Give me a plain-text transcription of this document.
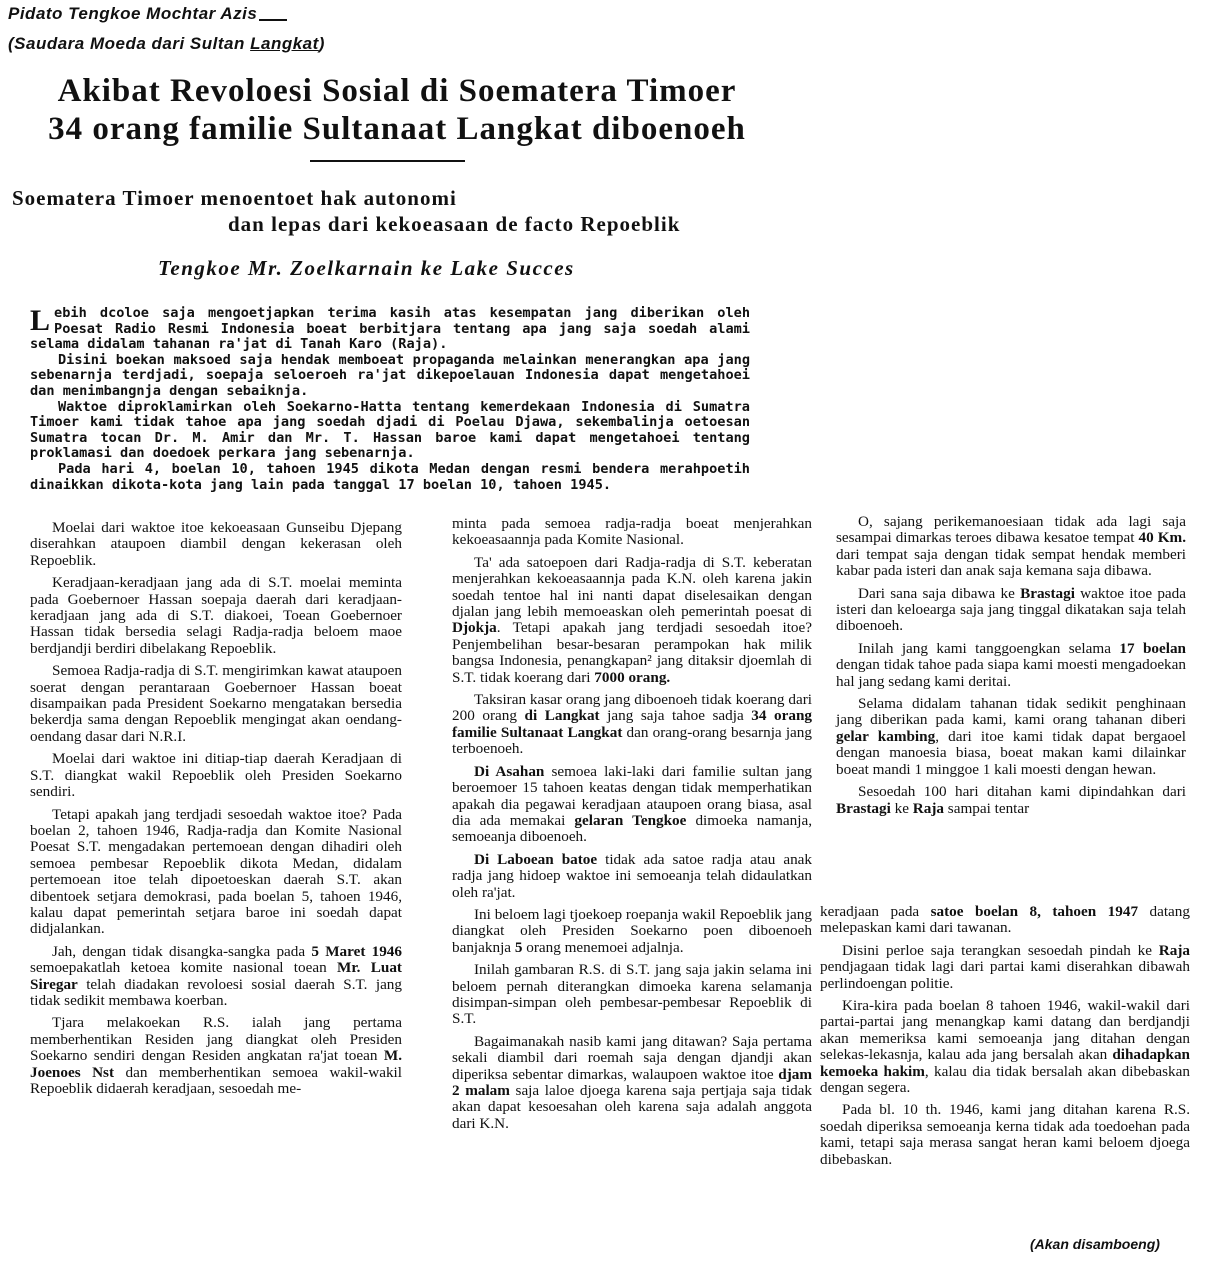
Pidato Tengkoe Mochtar Azis
(Saudara Moeda dari Sultan Langkat)
Akibat Revoloesi Sosial di Soematera Timoer
34 orang familie Sultanaat Langkat diboenoeh
Soematera Timoer menoentoet hak autonomi
dan lepas dari kekoeasaan de facto Repoeblik
Tengkoe Mr. Zoelkarnain ke Lake Succes

Lebih dcoloe saja mengoetjapkan terima kasih atas kesempatan jang diberikan oleh Poesat Radio Resmi Indonesia boeat berbitjara tentang apa jang saja soedah alami selama didalam tahanan ra'jat di Tanah Karo (Raja).

Disini boekan maksoed saja hendak memboeat propaganda melainkan menerangkan apa jang sebenarnja terdjadi, soepaja seloeroeh ra'jat dikepoelauan Indonesia dapat mengetahoei dan menimbangnja dengan sebaiknja.

Waktoe diproklamirkan oleh Soekarno-Hatta tentang kemerdekaan Indonesia di Sumatra Timoer kami tidak tahoe apa jang soedah djadi di Poelau Djawa, sekembalinja oetoesan Sumatra tocan Dr. M. Amir dan Mr. T. Hassan baroe kami dapat mengetahoei tentang proklamasi dan doedoek perkara jang sebenarnja.

Pada hari 4, boelan 10, tahoen 1945 dikota Medan dengan resmi bendera merahpoetih dinaikkan dikota-kota jang lain pada tanggal 17 boelan 10, tahoen 1945.

Moelai dari waktoe itoe kekoeasaan Gunseibu Djepang diserahkan ataupoen diambil dengan kekerasan oleh Repoeblik.

Keradjaan-keradjaan jang ada di S.T. moelai meminta pada Goebernoer Hassan soepaja daerah dari keradjaan-keradjaan jang ada di S.T. diakoei, Toean Goebernoer Hassan tidak bersedia selagi Radja-radja beloem maoe berdjandji berdiri dibelakang Repoeblik.

Semoea Radja-radja di S.T. mengirimkan kawat ataupoen soerat dengan perantaraan Goebernoer Hassan boeat disampaikan pada President Soekarno mengatakan bersedia bekerdja sama dengan Repoeblik mengingat akan oendang-oendang dasar dari N.R.I.

Moelai dari waktoe ini ditiap-tiap daerah Keradjaan di S.T. diangkat wakil Repoeblik oleh Presiden Soekarno sendiri.

Tetapi apakah jang terdjadi sesoedah waktoe itoe? Pada boelan 2, tahoen 1946, Radja-radja dan Komite Nasional Poesat S.T. mengadakan pertemoean dengan dihadiri oleh semoea pembesar Repoeblik dikota Medan, didalam pertemoean itoe telah dipoetoeskan daerah S.T. akan dibentoek setjara demokrasi, pada boelan 5, tahoen 1946, kalau dapat pemerintah setjara baroe ini soedah dapat didjalankan.

Jah, dengan tidak disangka-sangka pada 5 Maret 1946 semoepakatlah ketoea komite nasional toean Mr. Luat Siregar telah diadakan revoloesi sosial daerah S.T. jang tidak sedikit membawa koerban.

Tjara melakoekan R.S. ialah jang pertama memberhentikan Residen jang diangkat oleh Presiden Soekarno sendiri dengan Residen angkatan ra'jat toean M. Joenoes Nst dan memberhentikan semoea wakil-wakil Repoeblik didaerah keradjaan, sesoedah me-

minta pada semoea radja-radja boeat menjerahkan kekoeasaannja pada Komite Nasional.

Ta' ada satoepoen dari Radja-radja di S.T. keberatan menjerahkan kekoeasaannja pada K.N. oleh karena jakin soedah tentoe hal ini nanti dapat diselesaikan dengan djalan jang lebih memoeaskan oleh pemerintah poesat di Djokja. Tetapi apakah jang terdjadi sesoedah itoe? Penjembelihan besar-besaran perampokan hak milik bangsa Indonesia, penangkapan² jang ditaksir djoemlah di S.T. tidak koerang dari 7000 orang.

Taksiran kasar orang jang diboenoeh tidak koerang dari 200 orang di Langkat jang saja tahoe sadja 34 orang familie Sultanaat Langkat dan orang-orang besarnja jang terboenoeh.

Di Asahan semoea laki-laki dari familie sultan jang beroemoer 15 tahoen keatas dengan tidak memperhatikan apakah dia pegawai keradjaan ataupoen orang biasa, asal dia ada memakai gelaran Tengkoe dimoeka namanja, semoeanja diboenoeh.

Di Laboean batoe tidak ada satoe radja atau anak radja jang hidoep waktoe ini semoeanja telah didaulatkan oleh ra'jat.

Ini beloem lagi tjoekoep roepanja wakil Repoeblik jang diangkat oleh Presiden Soekarno poen diboenoeh banjaknja 5 orang menemoei adjalnja.

Inilah gambaran R.S. di S.T. jang saja jakin selama ini beloem pernah diterangkan dimoeka karena selamanja disimpan-simpan oleh pembesar-pembesar Repoeblik di S.T.

Bagaimanakah nasib kami jang ditawan? Saja pertama sekali diambil dari roemah saja dengan djandji akan diperiksa sebentar dimarkas, walaupoen waktoe itoe djam 2 malam saja laloe djoega karena saja pertjaja saja tidak akan dapat kesoesahan oleh karena saja adalah anggota dari K.N.

O, sajang perikemanoesiaan tidak ada lagi saja sesampai dimarkas teroes dibawa kesatoe tempat 40 Km. dari tempat saja dengan tidak sempat hendak memberi kabar pada isteri dan anak saja kemana saja dibawa.

Dari sana saja dibawa ke Brastagi waktoe itoe pada isteri dan keloearga saja jang tinggal dikatakan saja telah diboenoeh.

Inilah jang kami tanggoengkan selama 17 boelan dengan tidak tahoe pada siapa kami moesti mengadoekan hal jang sedang kami deritai.

Selama didalam tahanan tidak sedikit penghinaan jang diberikan pada kami, kami orang tahanan diberi gelar kambing, dari itoe kami tidak dapat bergaoel dengan manoesia biasa, boeat makan kami dilainkar boeat mandi 1 minggoe 1 kali moesti dengan hewan.

Sesoedah 100 hari ditahan kami dipindahkan dari Brastagi ke Raja sampai tentar

keradjaan pada satoe boelan 8, tahoen 1947 datang melepaskan kami dari tawanan.

Disini perloe saja terangkan sesoedah pindah ke Raja pendjagaan tidak lagi dari partai kami diserahkan dibawah perlindoengan politie.

Kira-kira pada boelan 8 tahoen 1946, wakil-wakil dari partai-partai jang menangkap kami datang dan berdjandji akan memeriksa kami semoeanja jang ditahan dengan selekas-lekasnja, kalau ada jang bersalah akan dihadapkan kemoeka hakim, kalau dia tidak bersalah akan dibebaskan dengan segera.

Pada bl. 10 th. 1946, kami jang ditahan karena R.S. soedah diperiksa semoeanja kerna tidak ada toedoehan pada kami, tetapi saja merasa sangat heran kami beloem djoega dibebaskan.

(Akan disamboeng)
